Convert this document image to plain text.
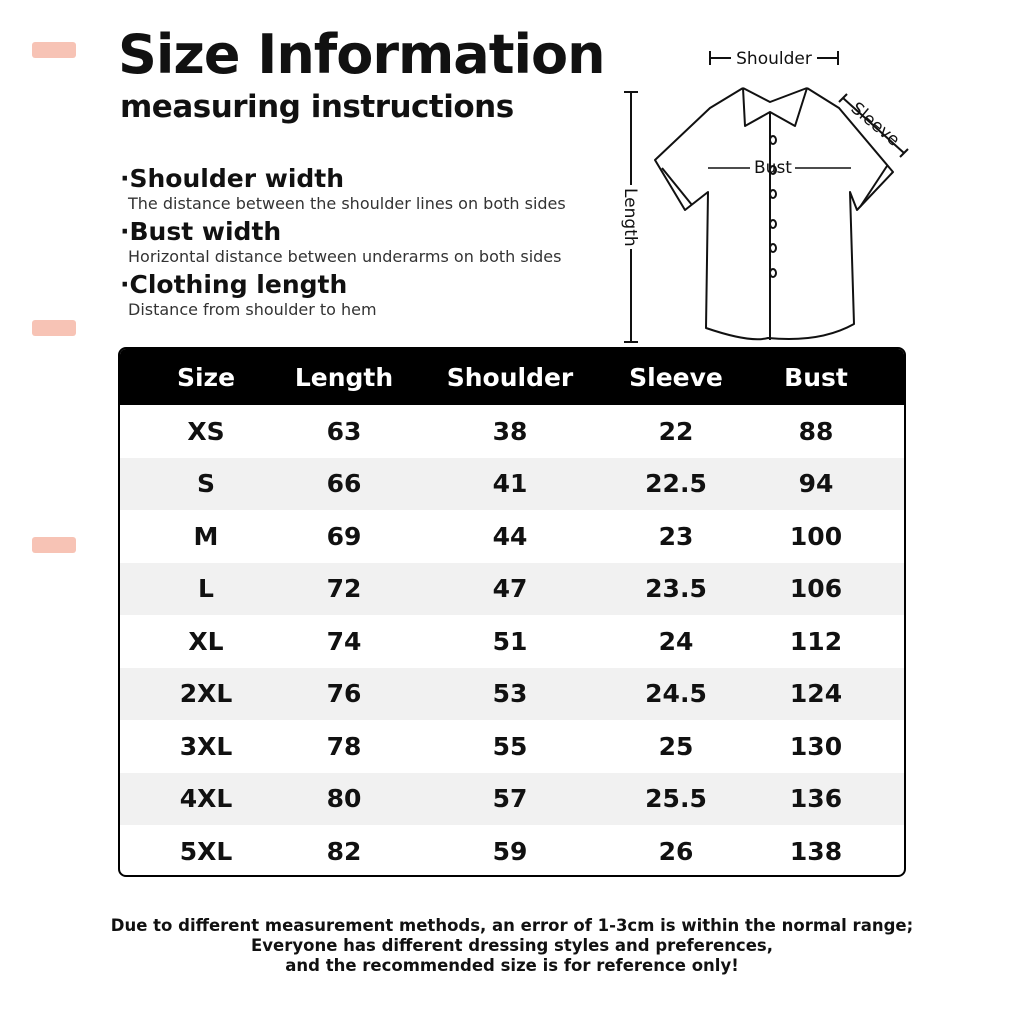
Size Information
measuring instructions
·Shoulder width
The distance between the shoulder lines on both sides
·Bust width
Horizontal distance between underarms on both sides
·Clothing length
Distance from shoulder to hem
Shoulder
Sleeve
Bust
Length
Size	Length	Shoulder	Sleeve	Bust
XS	63	38	22	88
S	66	41	22.5	94
M	69	44	23	100
L	72	47	23.5	106
XL	74	51	24	112
2XL	76	53	24.5	124
3XL	78	55	25	130
4XL	80	57	25.5	136
5XL	82	59	26	138
Due to different measurement methods, an error of 1-3cm is within the normal range;
Everyone has different dressing styles and preferences,
and the recommended size is for reference only!
